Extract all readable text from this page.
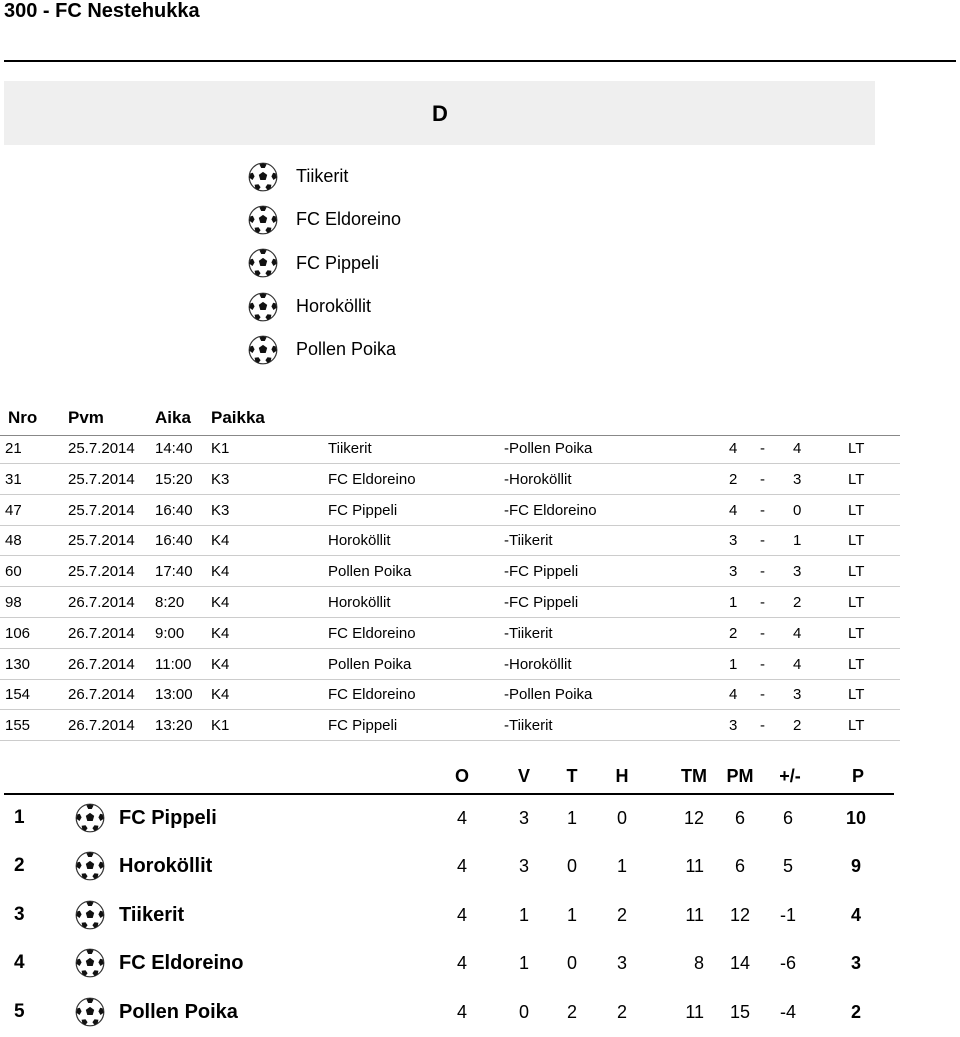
300 - FC Nestehukka
D
Tiikerit
FC Eldoreino
FC Pippeli
Horoköllit
Pollen Poika
Nro Pvm	Aika Paikka
21	25.7.2014 14:40 K1	Tiikerit	-Pollen Poika	4 - 4	LT
31	25.7.2014 15:20 K3	FC Eldoreino	-Horoköllit	2 - 3	LT
47	25.7.2014 16:40 K3	FC Pippeli	-FC Eldoreino	4 - 0	LT
48	25.7.2014 16:40 K4	Horoköllit	-Tiikerit	3 - 1	LT
60	25.7.2014 17:40 K4	Pollen Poika	-FC Pippeli	3 - 3	LT
98	26.7.2014 8:20 K4	Horoköllit	-FC Pippeli	1 - 2	LT
106	26.7.2014 9:00 K4	FC Eldoreino	-Tiikerit	2 - 4	LT
130	26.7.2014 11:00 K4	Pollen Poika	-Horoköllit	1 - 4	LT
154	26.7.2014 13:00 K4	FC Eldoreino	-Pollen Poika	4 - 3	LT
155	26.7.2014 13:20 K1	FC Pippeli	-Tiikerit	3 - 2	LT
O	V T H	TM PM +/-	P
1	FC Pippeli	4	3 1 0	12 6 6	10
2	Horoköllit	4	3 0 1	11 6 5	9
3	Tiikerit	4	1 1 2	11 12 -1	4
4	FC Eldoreino	4	1 0 3	8 14 -6	3
5	Pollen Poika	4	0 2 2	11 15 -4	2
